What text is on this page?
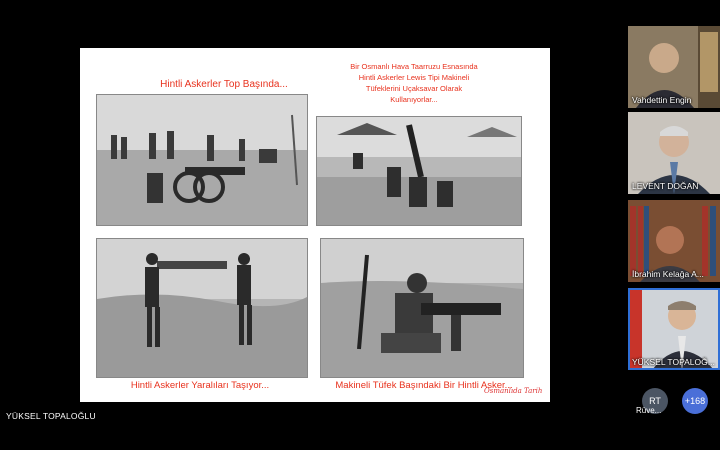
Hintli Askerler Top Başında...
Bir Osmanlı Hava Taarruzu Esnasında
Hintli Askerler Lewis Tipi Makineli
Tüfeklerini Uçaksavar Olarak
Kullanıyorlar...
Hintli Askerler Yaralıları Taşıyor...	Makineli Tüfek Başındaki Bir Hintli Asker...
Osmanlıda Tarih
YÜKSEL TOPALOĞLU
Vahdettin Engin
LEVENT DOĞAN
İbrahim Kelağa A...
YÜKSEL TOPALOĞ...
RT
Rüve...
+168
